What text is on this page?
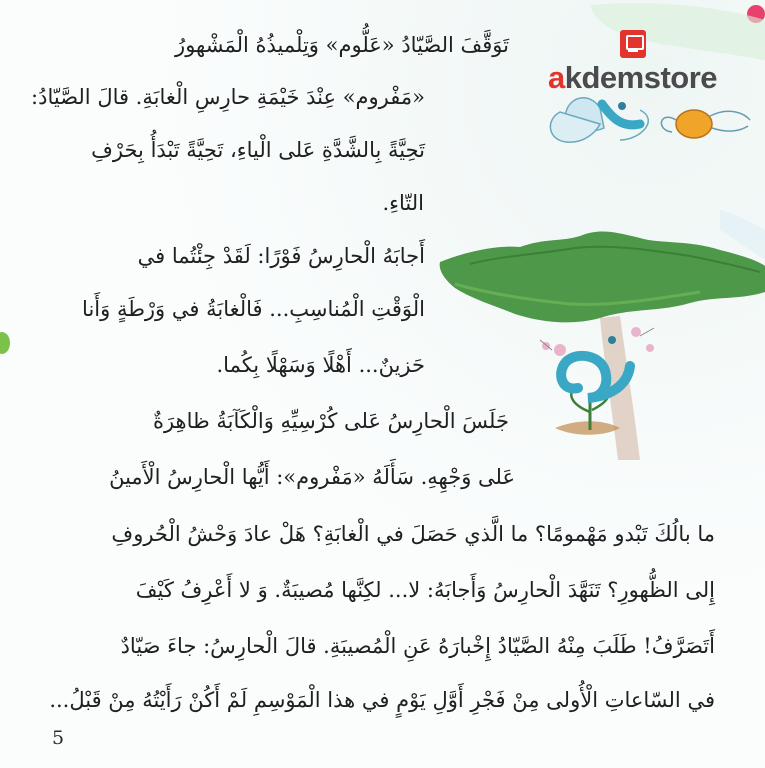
akdemstore
تَوَقَّفَ الصَّيّادُ «عَلُّوم» وَتِلْميذُهُ الْمَشْهورُ
«مَفْروم» عِنْدَ خَيْمَةِ حارِسِ الْغابَةِ. قالَ الصَّيّادُ:
تَحِيَّةً بِالشَّدَّةِ عَلى الْياءِ، تَحِيَّةً تَبْدَأُ بِحَرْفِ
التّاءِ.
أَجابَهُ الْحارِسُ فَوْرًا: لَقَدْ جِئْتُما في
الْوَقْتِ الْمُناسِبِ... فَالْغابَةُ في وَرْطَةٍ وَأَنا
حَزينٌ... أَهْلًا وَسَهْلًا بِكُما.
جَلَسَ الْحارِسُ عَلى كُرْسِيِّهِ وَالْكَآبَةُ ظاهِرَةٌ
عَلى وَجْهِهِ. سَأَلَهُ «مَفْروم»: أَيُّها الْحارِسُ الْأَمينُ
ما بالُكَ تَبْدو مَهْمومًا؟ ما الَّذي حَصَلَ في الْغابَةِ؟ هَلْ عادَ وَحْشُ الْحُروفِ
إِلى الظُّهورِ؟ تَنَهَّدَ الْحارِسُ وَأَجابَهُ: لا... لكِنَّها مُصيبَةٌ. وَ لا أَعْرِفُ كَيْفَ
أَتَصَرَّفُ! طَلَبَ مِنْهُ الصَّيّادُ إِخْبارَهُ عَنِ الْمُصيبَةِ. قالَ الْحارِسُ: جاءَ صَيّادٌ
في السّاعاتِ الْأُولى مِنْ فَجْرِ أَوَّلِ يَوْمٍ في هذا الْمَوْسِمِ لَمْ أَكُنْ رَأَيْتُهُ مِنْ قَبْلُ...
5
